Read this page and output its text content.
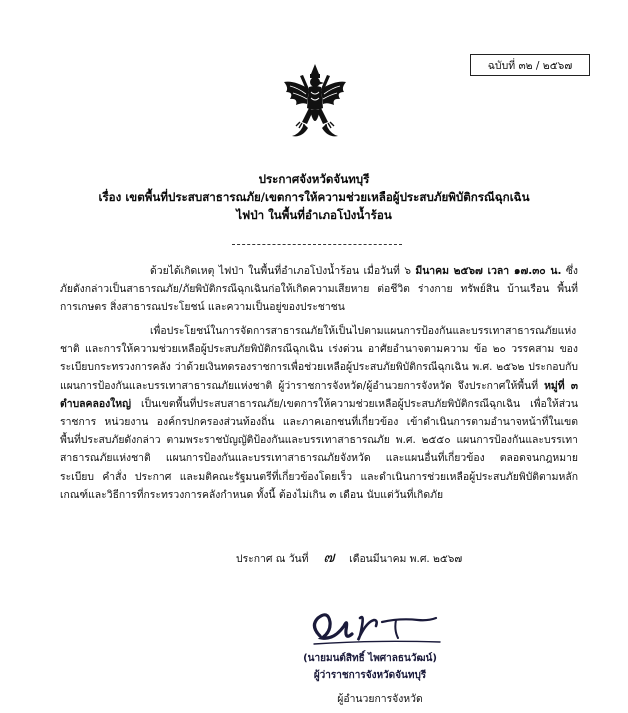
ฉบับที่ ๓๒ / ๒๕๖๗
ประกาศจังหวัดจันทบุรี
เรื่อง เขตพื้นที่ประสบสาธารณภัย/เขตการให้ความช่วยเหลือผู้ประสบภัยพิบัติกรณีฉุกเฉิน
ไฟป่า ในพื้นที่อำเภอโป่งน้ำร้อน
ด้วยได้เกิดเหตุ ไฟป่า ในพื้นที่อำเภอโป่งน้ำร้อน เมื่อวันที่ ๖ มีนาคม ๒๕๖๗ เวลา ๑๗.๓๐ น. ซึ่งภัยดังกล่าวเป็นสาธารณภัย/ภัยพิบัติกรณีฉุกเฉินก่อให้เกิดความเสียหาย ต่อชีวิต ร่างกาย ทรัพย์สิน บ้านเรือน พื้นที่การเกษตร สิ่งสาธารณประโยชน์ และความเป็นอยู่ของประชาชน
เพื่อประโยชน์ในการจัดการสาธารณภัยให้เป็นไปตามแผนการป้องกันและบรรเทาสาธารณภัยแห่งชาติ และการให้ความช่วยเหลือผู้ประสบภัยพิบัติกรณีฉุกเฉิน เร่งด่วน อาศัยอำนาจตามความ ข้อ ๒๐ วรรคสาม ของระเบียบกระทรวงการคลัง ว่าด้วยเงินทดรองราชการเพื่อช่วยเหลือผู้ประสบภัยพิบัติกรณีฉุกเฉิน พ.ศ. ๒๕๖๒ ประกอบกับแผนการป้องกันและบรรเทาสาธารณภัยแห่งชาติ ผู้ว่าราชการจังหวัด/ผู้อำนวยการจังหวัด จึงประกาศให้พื้นที่ หมู่ที่ ๓ ตำบลคลองใหญ่ เป็นเขตพื้นที่ประสบสาธารณภัย/เขตการให้ความช่วยเหลือผู้ประสบภัยพิบัติกรณีฉุกเฉิน เพื่อให้ส่วนราชการ หน่วยงาน องค์กรปกครองส่วนท้องถิ่น และภาคเอกชนที่เกี่ยวข้อง เข้าดำเนินการตามอำนาจหน้าที่ในเขตพื้นที่ประสบภัยดังกล่าว ตามพระราชบัญญัติป้องกันและบรรเทาสาธารณภัย พ.ศ. ๒๕๕๐ แผนการป้องกันและบรรเทาสาธารณภัยแห่งชาติ แผนการป้องกันและบรรเทาสาธารณภัยจังหวัด และแผนอื่นที่เกี่ยวข้อง ตลอดจนกฎหมาย ระเบียบ คำสั่ง ประกาศ และมติคณะรัฐมนตรีที่เกี่ยวข้องโดยเร็ว และดำเนินการช่วยเหลือผู้ประสบภัยพิบัติตามหลักเกณฑ์และวิธีการที่กระทรวงการคลังกำหนด ทั้งนี้ ต้องไม่เกิน ๓ เดือน นับแต่วันที่เกิดภัย
ประกาศ ณ วันที่ ๗ เดือนมีนาคม พ.ศ. ๒๕๖๗
(นายมนต์สิทธิ์ ไพศาลธนวัฒน์)
ผู้ว่าราชการจังหวัดจันทบุรี
ผู้อำนวยการจังหวัด
